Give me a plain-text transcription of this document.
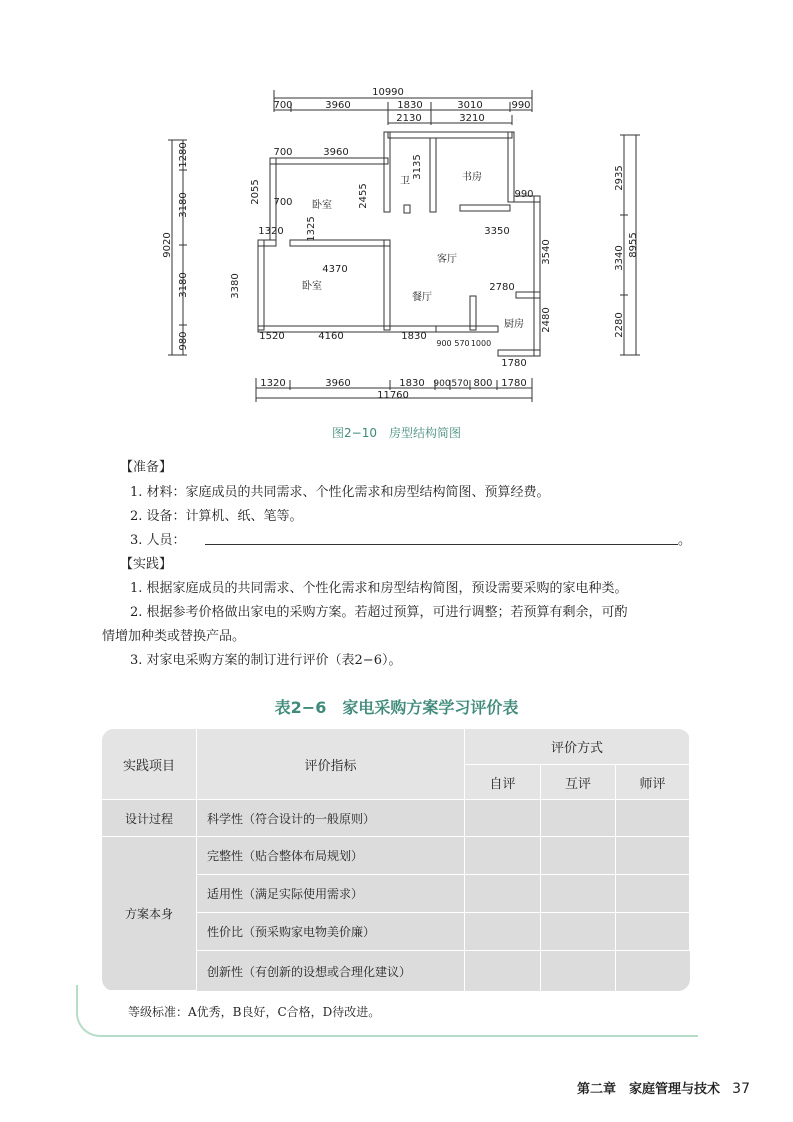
10990
700	3960	1830	3010	990
2130	3210
700	3960
3135
2055 700	2455	990
1320 1325	3350
3540
4370
3380	2780
2480
1780
1520	4160	1830
900 570 1000
1280
3180
3180
980
9020
2935
3340
2280
8955
1320	3960	1830 900 570 800 1780
11760
卧室
卫	书房
客厅
卧室
餐厅
厨房
图2−10　房型结构简图
【准备】
1. 材料：家庭成员的共同需求、个性化需求和房型结构简图、预算经费。
2. 设备：计算机、纸、笔等。
3. 人员：	。
【实践】
1. 根据家庭成员的共同需求、个性化需求和房型结构简图，预设需要采购的家电种类。
2. 根据参考价格做出家电的采购方案。若超过预算，可进行调整；若预算有剩余，可酌
情增加种类或替换产品。
3. 对家电采购方案的制订进行评价（表2−6）。
表2−6　家电采购方案学习评价表
实践项目	评价指标
评价方式
自评	互评	师评
设计过程	科学性（符合设计的一般原则）
方案本身
完整性（贴合整体布局规划）
适用性（满足实际使用需求）
性价比（预采购家电物美价廉）
创新性（有创新的设想或合理化建议）
等级标准：A优秀，B良好，C合格，D待改进。
第二章　家庭管理与技术 37
